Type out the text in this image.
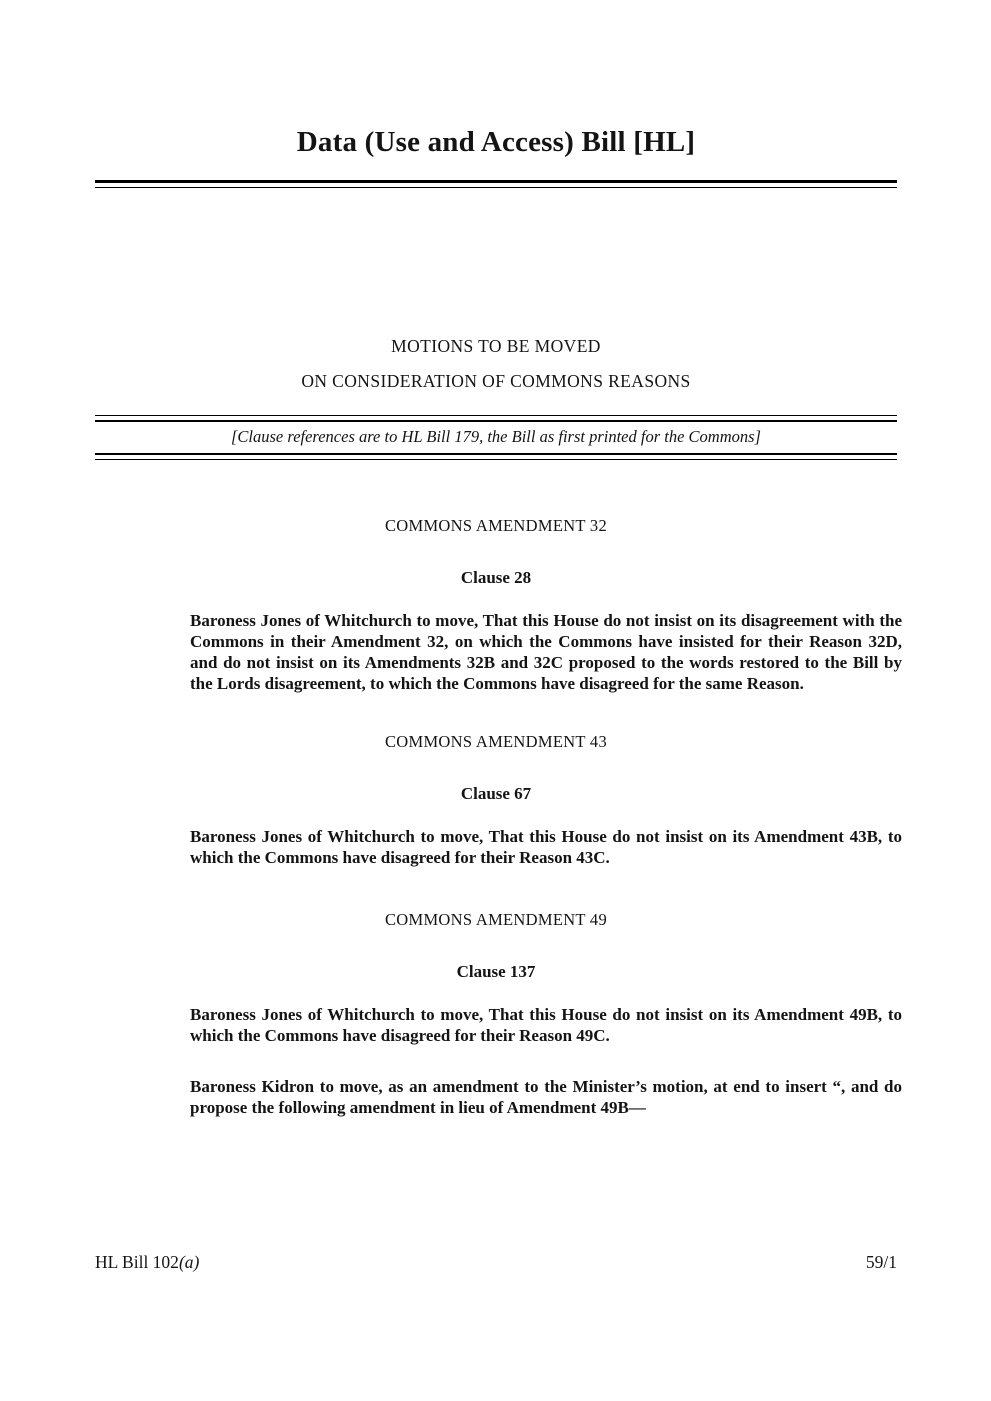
Data (Use and Access) Bill [HL]
MOTIONS TO BE MOVED
ON CONSIDERATION OF COMMONS REASONS
[Clause references are to HL Bill 179, the Bill as first printed for the Commons]
COMMONS AMENDMENT 32
Clause 28

Baroness Jones of Whitchurch to move, That this House do not insist on its disagreement with the Commons in their Amendment 32, on which the Commons have insisted for their Reason 32D, and do not insist on its Amendments 32B and 32C proposed to the words restored to the Bill by the Lords disagreement, to which the Commons have disagreed for the same Reason.

COMMONS AMENDMENT 43
Clause 67

Baroness Jones of Whitchurch to move, That this House do not insist on its Amendment 43B, to which the Commons have disagreed for their Reason 43C.

COMMONS AMENDMENT 49
Clause 137

Baroness Jones of Whitchurch to move, That this House do not insist on its Amendment 49B, to which the Commons have disagreed for their Reason 49C.

Baroness Kidron to move, as an amendment to the Minister’s motion, at end to insert “, and do propose the following amendment in lieu of Amendment 49B—

HL Bill 102(a)	59/1
